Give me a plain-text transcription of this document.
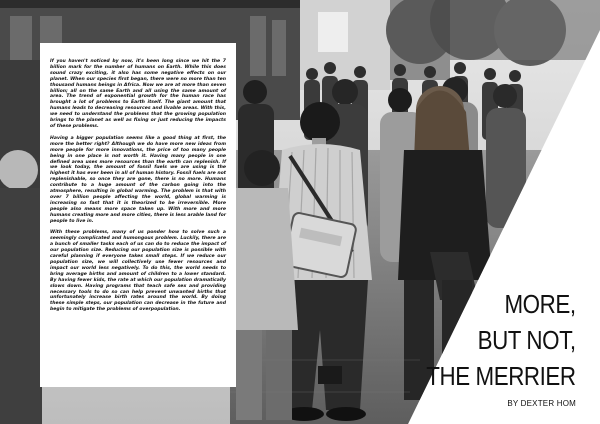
If you haven't noticed by now, it's been long since we hit the 7 billion mark for the number of humans on Earth. While this does sound crazy exciting, it also has some negative effects on our planet. When our species first began, there were no more than ten thousand humans beings in Africa. Now we are at more than seven billion; all on the same Earth and all using the same amount of area. The trend of exponential growth for the human race has brought a lot of problems to Earth itself. The giant amount that humans leads to decreasing resources and livable areas. With this, we need to understand the problems that the growing population brings to the planet as well as fixing or just reducing the impacts of these problems.

Having a bigger population seems like a good thing at first, the more the better right? Although we do have more new ideas from more people for more innovations, the price of too many people being in one place is not worth it. Having many people in one defined area uses more resources than the earth can replenish. If we look today, the amount of fossil fuels we are using is the highest it has ever been in all of human history. Fossil fuels are not replenishable, so once they are gone, there is no more. Humans contribute to a huge amount of the carbon going into the atmosphere, resulting in global warming. The problem is that with over 7 billion people affecting the world, global warming is increasing so fast that it is theorized to be irreversible. More people also means more space taken up. With more and more humans creating more and more cities, there is less arable land for people to live in.

With these problems, many of us ponder how to solve such a seemingly complicated and humongous problem. Luckily, there are a bunch of smaller tasks each of us can do to reduce the impact of our population size. Reducing our population size is possible with careful planning if everyone takes small steps. If we reduce our population size, we will collectively use fewer resources and impact our world less negatively. To do this, the world needs to bring average births and amount of children to a lower standard. By having fewer kids, the rate at which our population dramatically slows down. Having programs that teach safe sex and providing necessary tools to do so can help prevent unwanted births that unfortunately increase birth rates around the world. By doing these simple steps, our population can decrease in the future and begin to mitigate the problems of overpopulation.	MORE,
BUT NOT,
THE MERRIER

BY DEXTER HOM
